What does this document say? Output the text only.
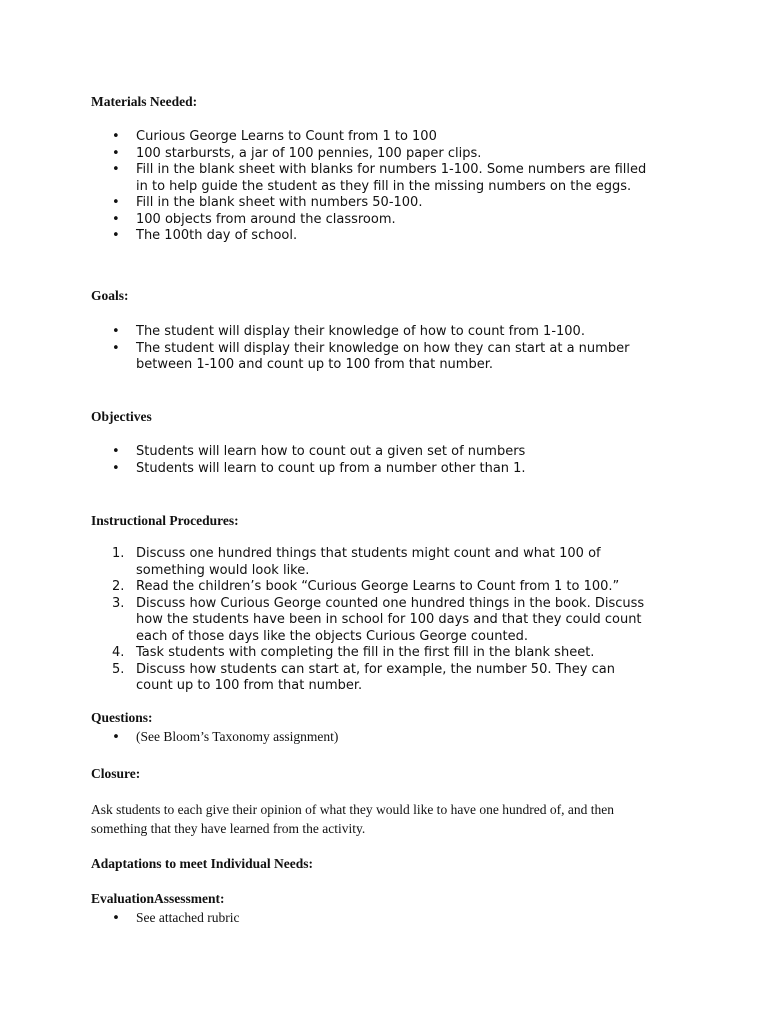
Materials Needed:
• Curious George Learns to Count from 1 to 100
• 100 starbursts, a jar of 100 pennies, 100 paper clips.
• Fill in the blank sheet with blanks for numbers 1-100. Some numbers are filled
in to help guide the student as they fill in the missing numbers on the eggs.
• Fill in the blank sheet with numbers 50-100.
• 100 objects from around the classroom.
• The 100th day of school.
Goals:
• The student will display their knowledge of how to count from 1-100.
• The student will display their knowledge on how they can start at a number
between 1-100 and count up to 100 from that number.
Objectives
• Students will learn how to count out a given set of numbers
• Students will learn to count up from a number other than 1.
Instructional Procedures:
1. Discuss one hundred things that students might count and what 100 of
something would look like.
2. Read the children’s book “Curious George Learns to Count from 1 to 100.”
3. Discuss how Curious George counted one hundred things in the book. Discuss
how the students have been in school for 100 days and that they could count
each of those days like the objects Curious George counted.
4. Task students with completing the fill in the first fill in the blank sheet.
5. Discuss how students can start at, for example, the number 50. They can
count up to 100 from that number.
Questions:
• (See Bloom’s Taxonomy assignment)
Closure:
Ask students to each give their opinion of what they would like to have one hundred of, and then
something that they have learned from the activity.
Adaptations to meet Individual Needs:
EvaluationAssessment:
• See attached rubric
